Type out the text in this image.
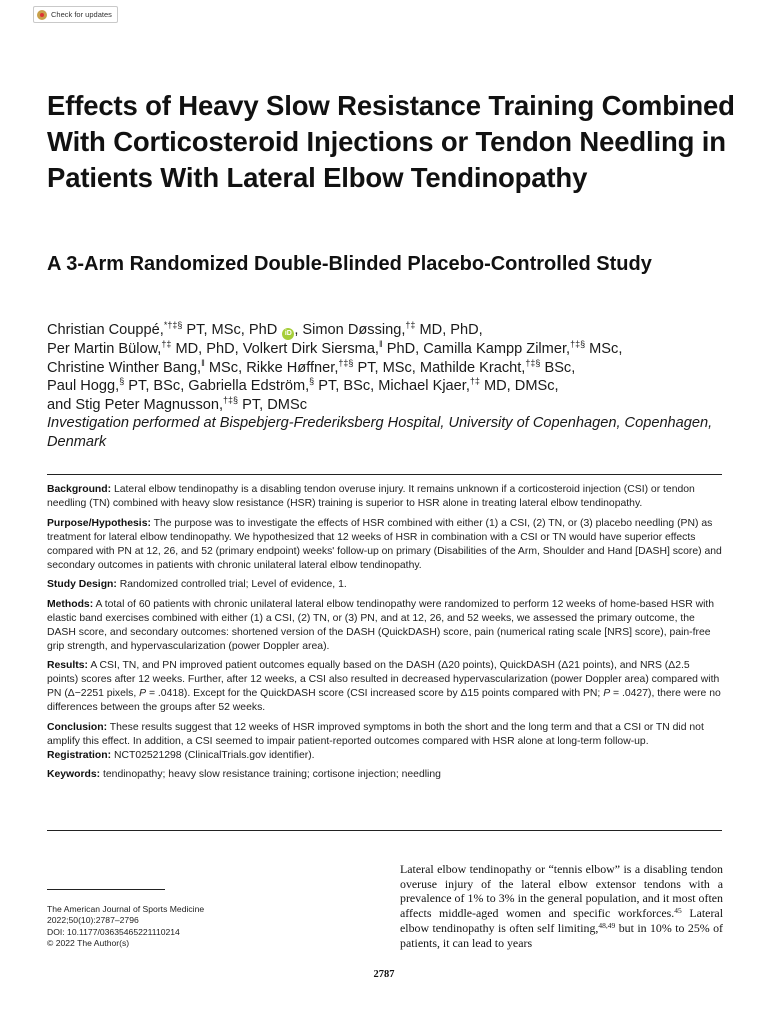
Check for updates
Effects of Heavy Slow Resistance Training Combined With Corticosteroid Injections or Tendon Needling in Patients With Lateral Elbow Tendinopathy
A 3-Arm Randomized Double-Blinded Placebo-Controlled Study

Christian Couppé,*†‡§ PT, MSc, PhD iD , Simon Døssing,†‡ MD, PhD,
Per Martin Bülow,†‡ MD, PhD, Volkert Dirk Siersma,‖ PhD, Camilla Kampp Zilmer,†‡§ MSc,
Christine Winther Bang,‖ MSc, Rikke Høffner,†‡§ PT, MSc, Mathilde Kracht,†‡§ BSc,
Paul Hogg,§ PT, BSc, Gabriella Edström,§ PT, BSc, Michael Kjaer,†‡ MD, DMSc,
and Stig Peter Magnusson,†‡§ PT, DMSc

Investigation performed at Bispebjerg-Frederiksberg Hospital, University of Copenhagen, Copenhagen, Denmark

Background: Lateral elbow tendinopathy is a disabling tendon overuse injury. It remains unknown if a corticosteroid injection (CSI) or tendon needling (TN) combined with heavy slow resistance (HSR) training is superior to HSR alone in treating lateral elbow tendinopathy.

Purpose/Hypothesis: The purpose was to investigate the effects of HSR combined with either (1) a CSI, (2) TN, or (3) placebo needling (PN) as treatment for lateral elbow tendinopathy. We hypothesized that 12 weeks of HSR in combination with a CSI or TN would have superior effects compared with PN at 12, 26, and 52 (primary endpoint) weeks' follow-up on primary (Disabilities of the Arm, Shoulder and Hand [DASH] score) and secondary outcomes in patients with chronic unilateral lateral elbow tendinopathy.

Study Design: Randomized controlled trial; Level of evidence, 1.

Methods: A total of 60 patients with chronic unilateral lateral elbow tendinopathy were randomized to perform 12 weeks of home-based HSR with elastic band exercises combined with either (1) a CSI, (2) TN, or (3) PN, and at 12, 26, and 52 weeks, we assessed the primary outcome, the DASH score, and secondary outcomes: shortened version of the DASH (QuickDASH) score, pain (numerical rating scale [NRS] score), pain-free grip strength, and hypervascularization (power Doppler area).

Results: A CSI, TN, and PN improved patient outcomes equally based on the DASH (Δ20 points), QuickDASH (Δ21 points), and NRS (Δ2.5 points) scores after 12 weeks. Further, after 12 weeks, a CSI also resulted in decreased hypervascularization (power Doppler area) compared with PN (Δ−2251 pixels, P = .0418). Except for the QuickDASH score (CSI increased score by Δ15 points compared with PN; P = .0427), there were no differences between the groups after 52 weeks.

Conclusion: These results suggest that 12 weeks of HSR improved symptoms in both the short and the long term and that a CSI or TN did not amplify this effect. In addition, a CSI seemed to impair patient-reported outcomes compared with HSR alone at long-term follow-up.

Registration: NCT02521298 (ClinicalTrials.gov identifier).

Keywords: tendinopathy; heavy slow resistance training; cortisone injection; needling

The American Journal of Sports Medicine
2022;50(10):2787–2796
DOI: 10.1177/03635465221110214
© 2022 The Author(s)

Lateral elbow tendinopathy or “tennis elbow” is a disabling tendon overuse injury of the lateral elbow extensor tendons with a prevalence of 1% to 3% in the general population, and it most often affects middle-aged women and specific workforces.$^{45}$ Lateral elbow tendinopathy is often self limiting,$^{48,49}$ but in 10% to 25% of patients, it can lead to years

2787
